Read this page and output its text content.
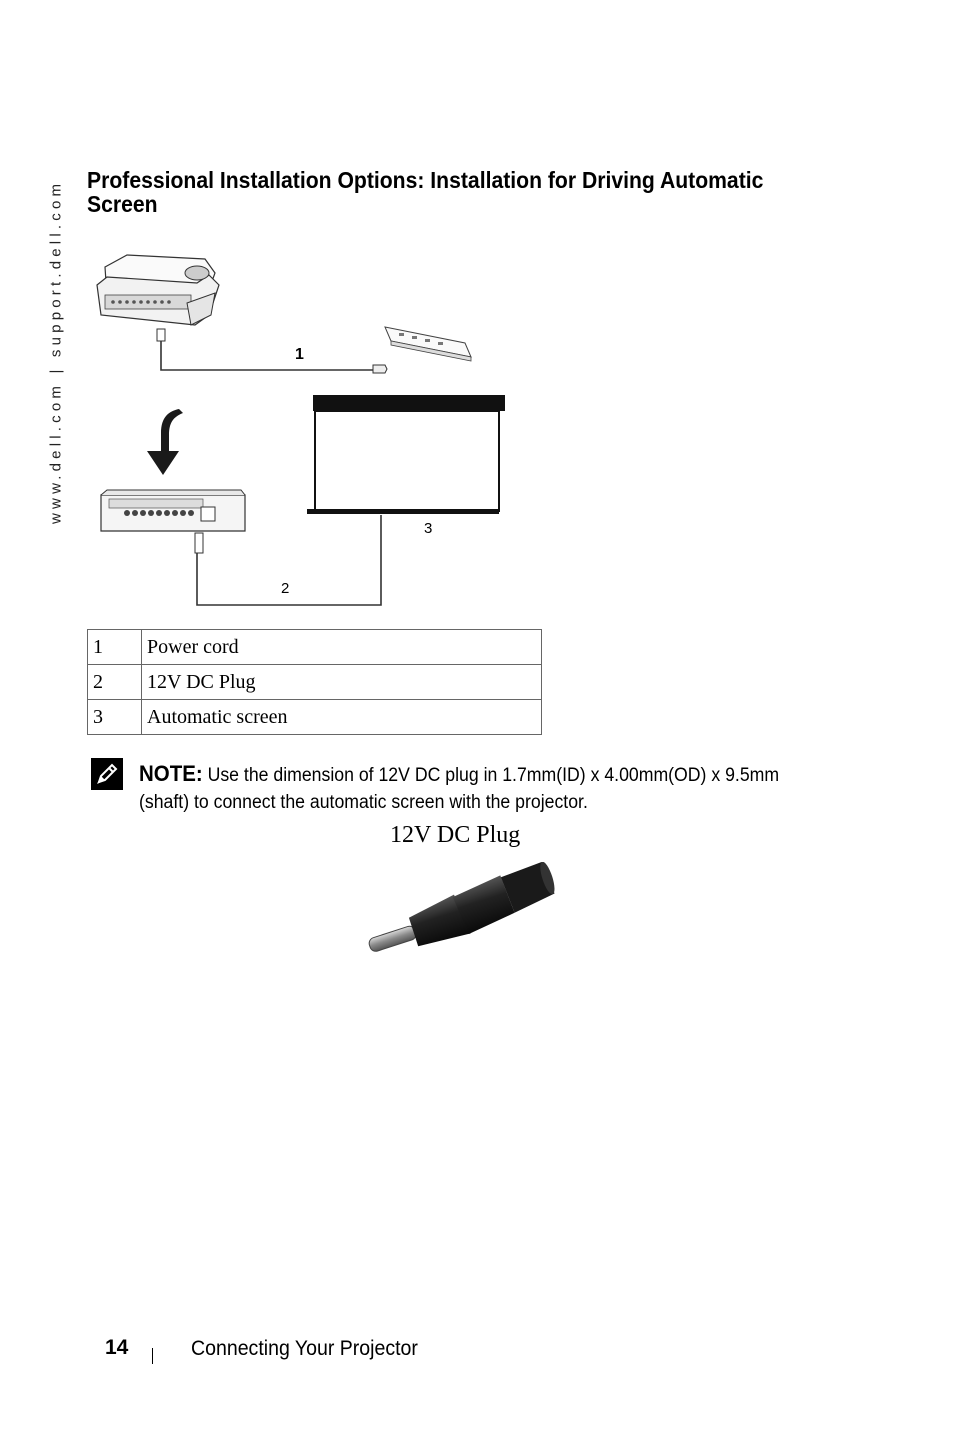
www.dell.com | support.dell.com Professional Installation Options: Installation for Driving Automatic Screen
1
2
3
1	Power cord
2	12V DC Plug
3	Automatic screen
NOTE: Use the dimension of 12V DC plug in 1.7mm(ID) x 4.00mm(OD) x 9.5mm (shaft) to connect the automatic screen with the projector.
12V DC Plug
14	Connecting Your Projector
